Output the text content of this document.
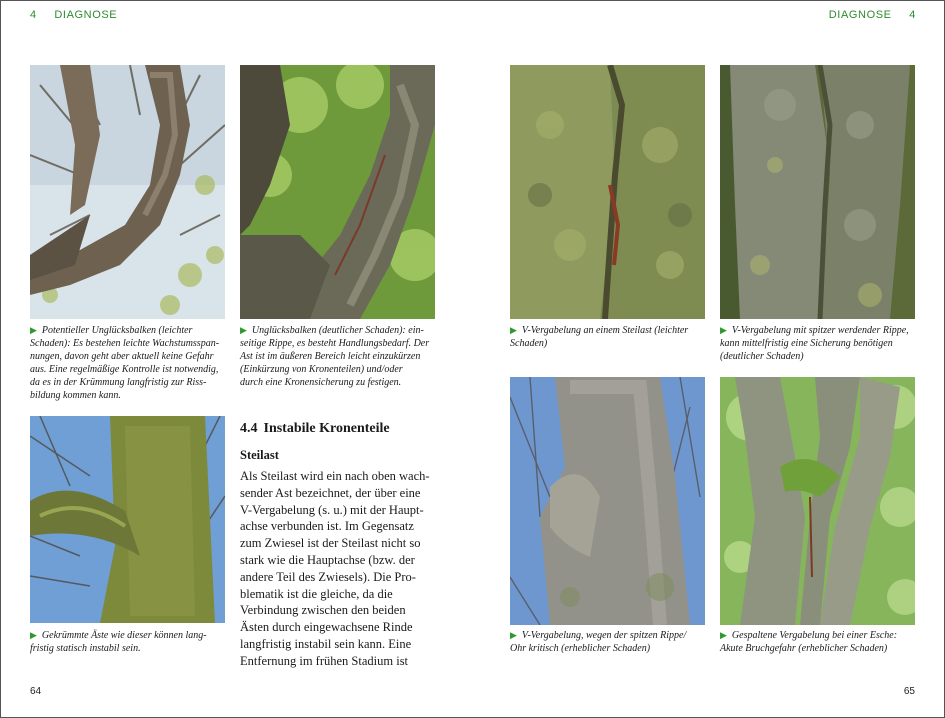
4 DIAGNOSE	DIAGNOSE 4
▶ Potentieller Unglücksbalken (leichter
Schaden): Es bestehen leichte Wachstumsspan-
nungen, davon geht aber aktuell keine Gefahr
aus. Eine regelmäßige Kontrolle ist notwendig,
da es in der Krümmung langfristig zur Riss-
bildung kommen kann.
▶ Unglücksbalken (deutlicher Schaden): ein-
seitige Rippe, es besteht Handlungsbedarf. Der
Ast ist im äußeren Bereich leicht einzukürzen
(Einkürzung von Kronenteilen) und/oder
durch eine Kronensicherung zu festigen.
▶ Gekrümmte Äste wie dieser können lang-
fristig statisch instabil sein.
4.4 Instabile Kronenteile
Steilast
Als Steilast wird ein nach oben wach-
sender Ast bezeichnet, der über eine
V-Vergabelung (s. u.) mit der Haupt-
achse verbunden ist. Im Gegensatz
zum Zwiesel ist der Steilast nicht so
stark wie die Hauptachse (bzw. der
andere Teil des Zwiesels). Die Pro-
blematik ist die gleiche, da die
Verbindung zwischen den beiden
Ästen durch eingewachsene Rinde
langfristig instabil sein kann. Eine
Entfernung im frühen Stadium ist
▶ V-Vergabelung an einem Steilast (leichter
Schaden)
▶ V-Vergabelung mit spitzer werdender Rippe,
kann mittelfristig eine Sicherung benötigen
(deutlicher Schaden)
▶ V-Vergabelung, wegen der spitzen Rippe/
Ohr kritisch (erheblicher Schaden)
▶ Gespaltene Vergabelung bei einer Esche:
Akute Bruchgefahr (erheblicher Schaden)
64	65
